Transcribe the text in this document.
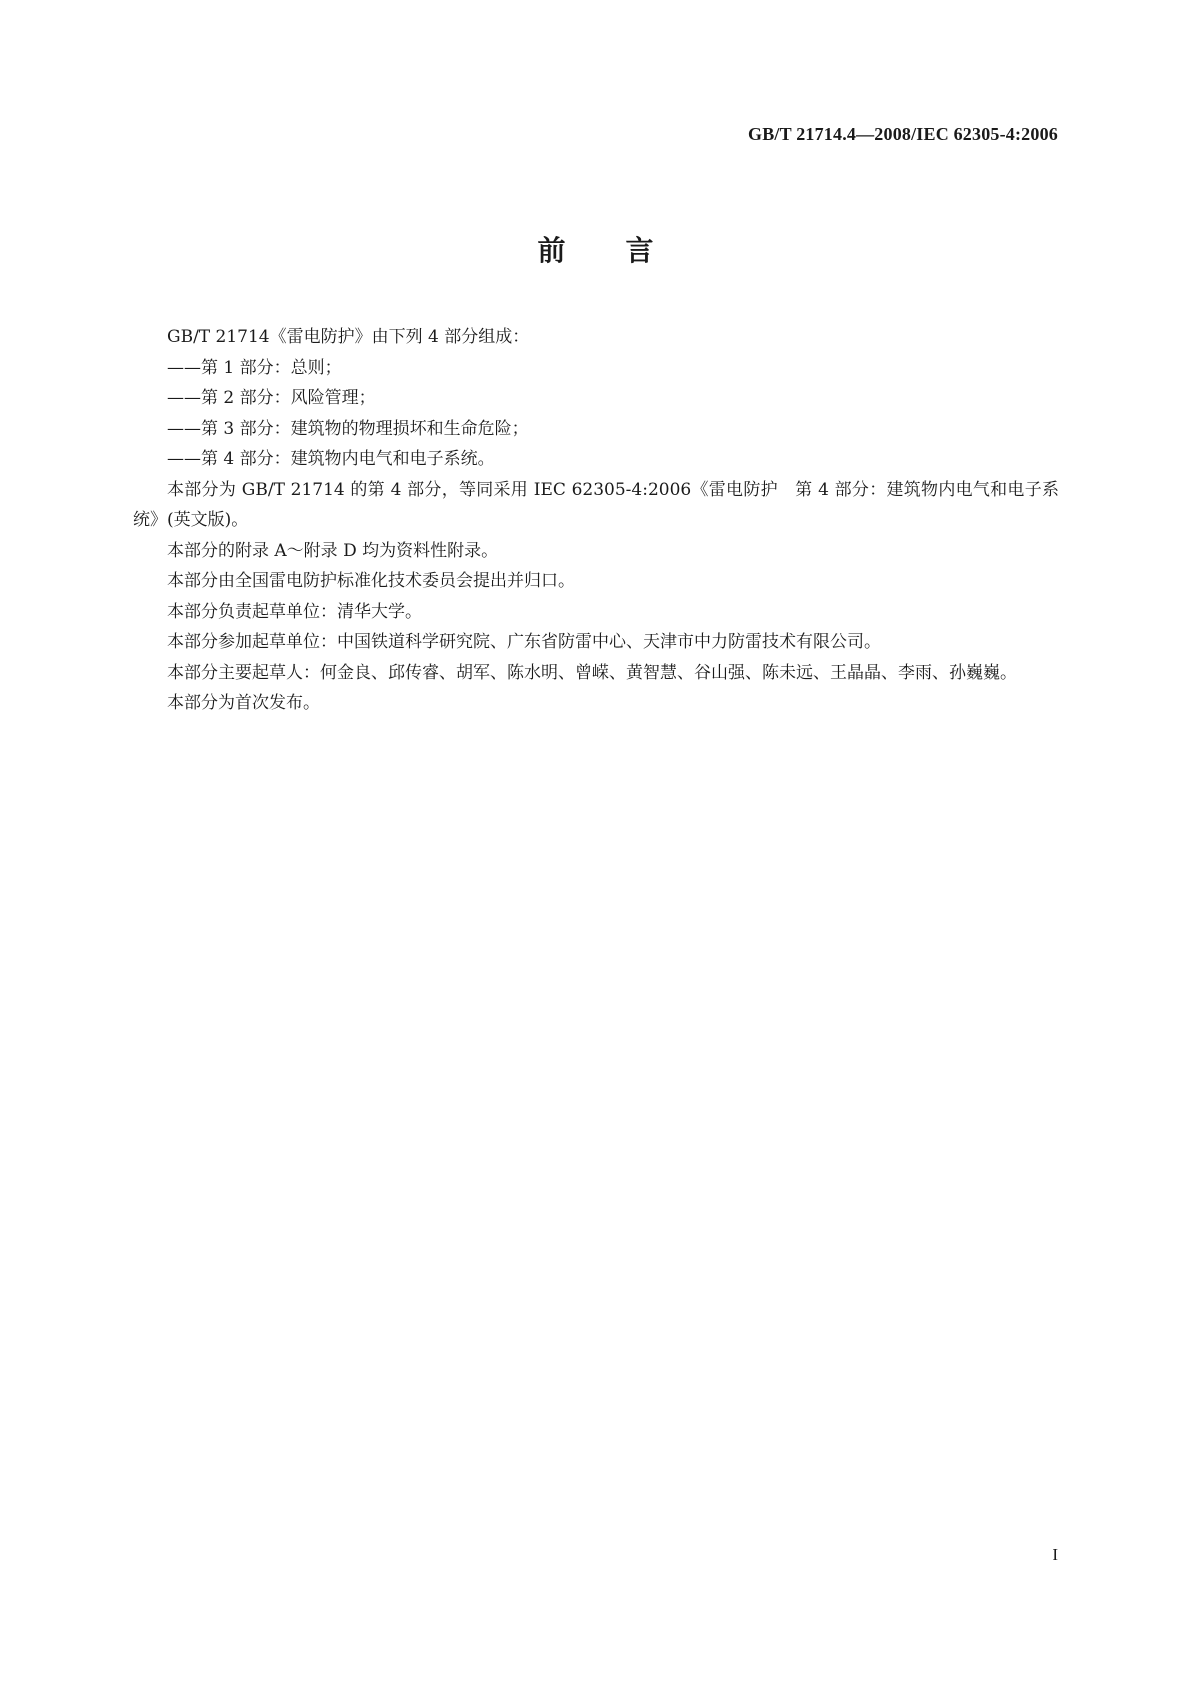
GB/T 21714.4—2008/IEC 62305-4:2006
前言

GB/T 21714《雷电防护》由下列 4 部分组成：

——第 1 部分：总则；

——第 2 部分：风险管理；

——第 3 部分：建筑物的物理损坏和生命危险；

——第 4 部分：建筑物内电气和电子系统。

本部分为 GB/T 21714 的第 4 部分，等同采用 IEC 62305-4:2006《雷电防护　第 4 部分：建筑物内电气和电子系统》(英文版)。

本部分的附录 A～附录 D 均为资料性附录。

本部分由全国雷电防护标准化技术委员会提出并归口。

本部分负责起草单位：清华大学。

本部分参加起草单位：中国铁道科学研究院、广东省防雷中心、天津市中力防雷技术有限公司。

本部分主要起草人：何金良、邱传睿、胡军、陈水明、曾嵘、黄智慧、谷山强、陈未远、王晶晶、李雨、孙巍巍。

本部分为首次发布。

I
